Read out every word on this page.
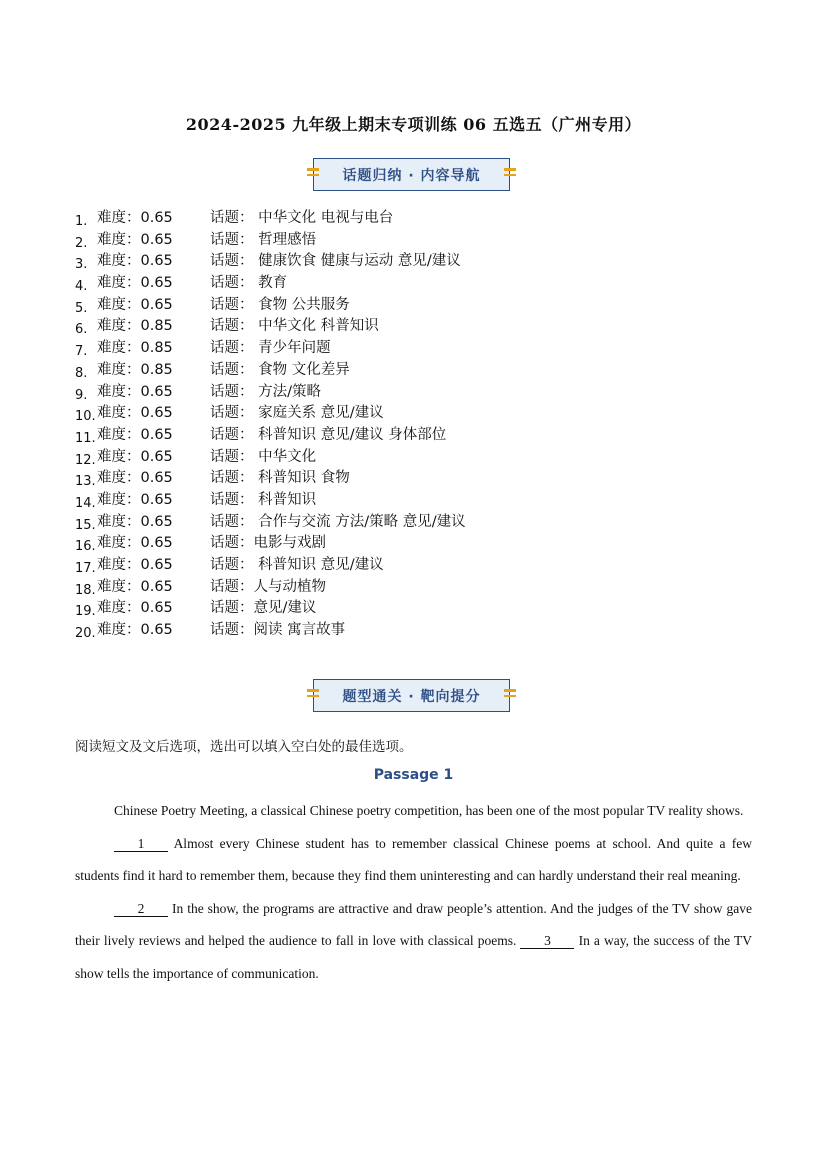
2024-2025 九年级上期末专项训练 06 五选五（广州专用）
话题归纳 · 内容导航
1. 难度：0.65	话题： 中华文化 电视与电台
2. 难度：0.65	话题： 哲理感悟
3. 难度：0.65	话题： 健康饮食 健康与运动 意见/建议
4. 难度：0.65	话题： 教育
5. 难度：0.65	话题： 食物 公共服务
6. 难度：0.85	话题： 中华文化 科普知识
7. 难度：0.85	话题： 青少年问题
8. 难度：0.85	话题： 食物 文化差异
9. 难度：0.65	话题： 方法/策略
10. 难度：0.65	话题： 家庭关系 意见/建议
11. 难度：0.65	话题： 科普知识 意见/建议 身体部位
12. 难度：0.65	话题： 中华文化
13. 难度：0.65	话题： 科普知识 食物
14. 难度：0.65	话题： 科普知识
15. 难度：0.65	话题： 合作与交流 方法/策略 意见/建议
16. 难度：0.65	话题：电影与戏剧
17. 难度：0.65	话题： 科普知识 意见/建议
18. 难度：0.65	话题：人与动植物
19. 难度：0.65	话题：意见/建议
20. 难度：0.65	话题：阅读 寓言故事
题型通关 · 靶向提分
阅读短文及文后选项，选出可以填入空白处的最佳选项。
Passage 1

Chinese Poetry Meeting, a classical Chinese poetry competition, has been one of the most popular TV reality shows.

1 Almost every Chinese student has to remember classical Chinese poems at school. And quite a few students find it hard to remember them, because they find them uninteresting and can hardly understand their real meaning.

2 In the show, the programs are attractive and draw people’s attention. And the judges of the TV show gave their lively reviews and helped the audience to fall in love with classical poems. 3 In a way, the success of the TV show tells the importance of communication.
